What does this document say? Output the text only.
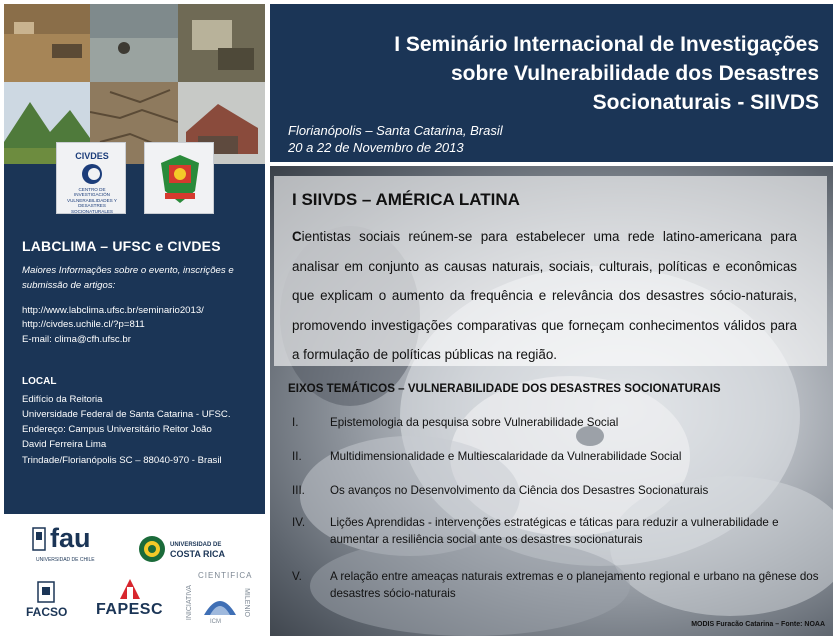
CIVDES
CENTRO DE INVESTIGACIÓN VULNERABILIDADES Y DESASTRES SOCIONATURALES
LABCLIMA – UFSC e CIVDES
Maiores Informações sobre o evento, inscrições e
submissão de artigos:
http://www.labclima.ufsc.br/seminario2013/
http://civdes.uchile.cl/?p=811
E-mail: clima@cfh.ufsc.br
LOCAL
Edifício da Reitoria
Universidade Federal de Santa Catarina - UFSC.
Endereço: Campus Universitário Reitor João
David Ferreira Lima
Trindade/Florianópolis SC – 88040-970 - Brasil
I Seminário Internacional de Investigações
sobre Vulnerabilidade dos Desastres
Socionaturais - SIIVDS
Florianópolis – Santa Catarina, Brasil
20 a 22 de Novembro de 2013
I SIIVDS – AMÉRICA LATINA
Cientistas sociais reúnem-se para estabelecer uma rede latino-americana para analisar em conjunto as causas naturais, sociais, culturais, políticas e econômicas que explicam o aumento da frequência e relevância dos desastres sócio-naturais, promovendo investigações comparativas que forneçam conhecimentos válidos para a formulação de políticas públicas na região.
EIXOS TEMÁTICOS – VULNERABILIDADE DOS DESASTRES SOCIONATURAIS
I.	Epistemologia da pesquisa sobre Vulnerabilidade Social
II.	Multidimensionalidade e Multiescalaridade da Vulnerabilidade Social
III.	Os avanços no Desenvolvimento da Ciência dos Desastres Socionaturais
IV.	Lições Aprendidas - intervenções estratégicas e táticas para reduzir a vulnerabilidade e aumentar a resiliência social ante os desastres socionaturais
V.	A relação entre ameaças naturais extremas e o planejamento regional e urbano na gênese dos desastres sócio-naturais
MODIS Furacão Catarina – Fonte: NOAA
fau
UNIVERSIDAD DE CHILE
UNIVERSIDAD DE
COSTA RICA
FACSO FAPESC
CIENTIFICA
INICIATIVA	MILENIO
ICM
